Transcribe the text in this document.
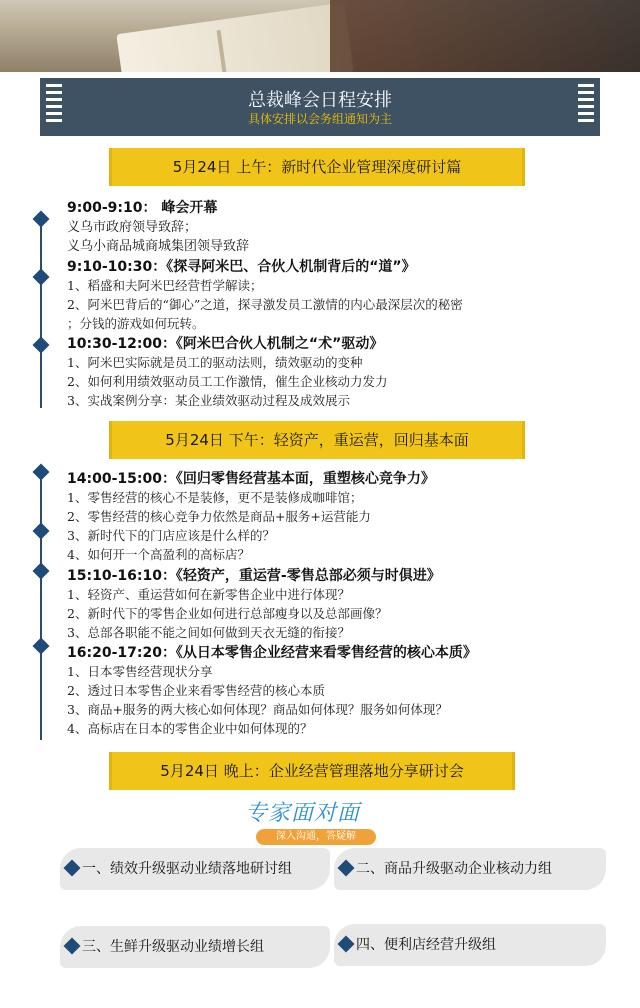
总裁峰会日程安排
具体安排以会务组通知为主
5月24日 上午：新时代企业管理深度研讨篇
5月24日 下午：轻资产，重运营，回归基本面
5月24日 晚上：企业经营管理落地分享研讨会
9:00-9:10： 峰会开幕
义乌市政府领导致辞；
义乌小商品城商城集团领导致辞
9:10-10:30：《探寻阿米巴、合伙人机制背后的“道”》
1、稻盛和夫阿米巴经营哲学解读；
2、阿米巴背后的“御心”之道，探寻激发员工激情的内心最深层次的秘密
；分钱的游戏如何玩转。
10:30-12:00：《阿米巴合伙人机制之“术”驱动》
1、阿米巴实际就是员工的驱动法则，绩效驱动的变种
2、如何利用绩效驱动员工工作激情，催生企业核动力发力
3、实战案例分享：某企业绩效驱动过程及成效展示
14:00-15:00：《回归零售经营基本面，重塑核心竞争力》
1、零售经营的核心不是装修，更不是装修成咖啡馆；
2、零售经营的核心竞争力依然是商品+服务+运营能力
3、新时代下的门店应该是什么样的？
4、如何开一个高盈利的高标店？
15:10-16:10：《轻资产，重运营-零售总部必须与时俱进》
1、轻资产、重运营如何在新零售企业中进行体现？
2、新时代下的零售企业如何进行总部瘦身以及总部画像？
3、总部各职能不能之间如何做到天衣无缝的衔接？
16:20-17:20：《从日本零售企业经营来看零售经营的核心本质》
1、日本零售经营现状分享
2、透过日本零售企业来看零售经营的核心本质
3、商品+服务的两大核心如何体现？商品如何体现？服务如何体现？
4、高标店在日本的零售企业中如何体现的？
专家面对面
深入沟通，答疑解
一、绩效升级驱动业绩落地研讨组	二、商品升级驱动企业核动力组
三、生鲜升级驱动业绩增长组	四、便利店经营升级组
